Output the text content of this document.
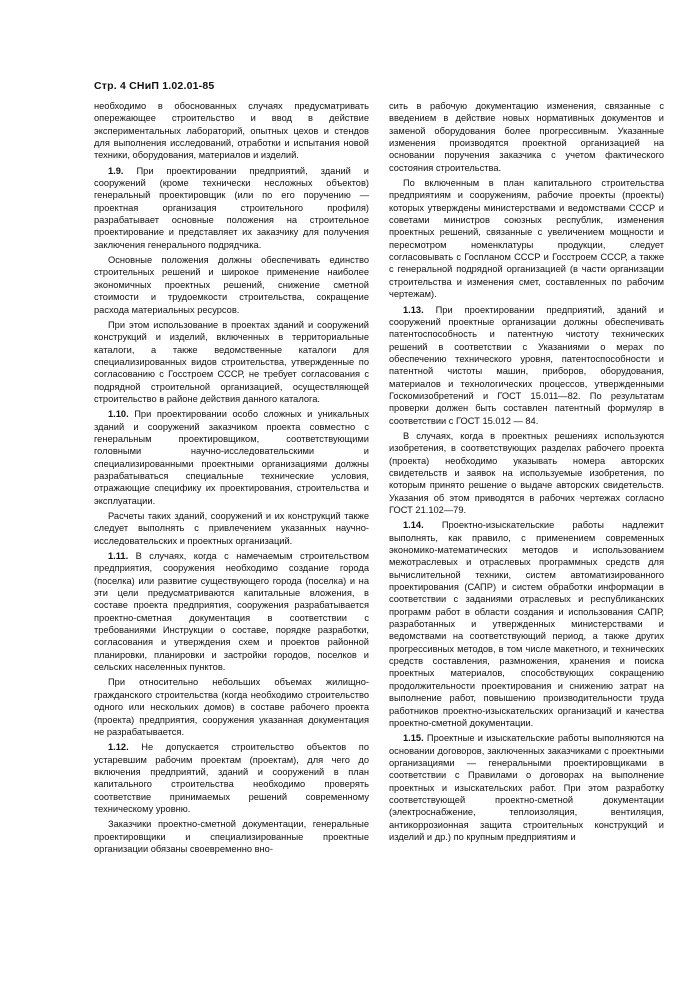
Стр. 4 СНиП 1.02.01-85

необходимо в обоснованных случаях предусматривать опережающее строительство и ввод в действие экспериментальных лабораторий, опытных цехов и стендов для выполнения исследований, отработки и испытания новой техники, оборудования, материалов и изделий.

1.9. При проектировании предприятий, зданий и сооружений (кроме технически несложных объектов) генеральный проектировщик (или по его поручению — проектная организация строительного профиля) разрабатывает основные положения на строительное проектирование и представляет их заказчику для получения заключения генерального подрядчика.

Основные положения должны обеспечивать единство строительных решений и широкое применение наиболее экономичных проектных решений, снижение сметной стоимости и трудоемкости строительства, сокращение расхода материальных ресурсов.

При этом использование в проектах зданий и сооружений конструкций и изделий, включенных в территориальные каталоги, а также ведомственные каталоги для специализированных видов строительства, утвержденные по согласованию с Госстроем СССР, не требует согласования с подрядной строительной организацией, осуществляющей строительство в районе действия данного каталога.

1.10. При проектировании особо сложных и уникальных зданий и сооружений заказчиком проекта совместно с генеральным проектировщиком, соответствующими головными научно-исследовательскими и специализированными проектными организациями должны разрабатываться специальные технические условия, отражающие специфику их проектирования, строительства и эксплуатации.

Расчеты таких зданий, сооружений и их конструкций также следует выполнять с привлечением указанных научно-исследовательских и проектных организаций.

1.11. В случаях, когда с намечаемым строительством предприятия, сооружения необходимо создание города (поселка) или развитие существующего города (поселка) и на эти цели предусматриваются капитальные вложения, в составе проекта предприятия, сооружения разрабатывается проектно-сметная документация в соответствии с требованиями Инструкции о составе, порядке разработки, согласования и утверждения схем и проектов районной планировки, планировки и застройки городов, поселков и сельских населенных пунктов.

При относительно небольших объемах жилищно-гражданского строительства (когда необходимо строительство одного или нескольких домов) в составе рабочего проекта (проекта) предприятия, сооружения указанная документация не разрабатывается.

1.12. Не допускается строительство объектов по устаревшим рабочим проектам (проектам), для чего до включения предприятий, зданий и сооружений в план капитального строительства необходимо проверять соответствие принимаемых решений современному техническому уровню.

Заказчики проектно-сметной документации, генеральные проектировщики и специализированные проектные организации обязаны своевременно вно-

сить в рабочую документацию изменения, связанные с введением в действие новых нормативных документов и заменой оборудования более прогрессивным. Указанные изменения производятся проектной организацией на основании поручения заказчика с учетом фактического состояния строительства.

По включенным в план капитального строительства предприятиям и сооружениям, рабочие проекты (проекты) которых утверждены министерствами и ведомствами СССР и советами министров союзных республик, изменения проектных решений, связанные с увеличением мощности и пересмотром номенклатуры продукции, следует согласовывать с Госпланом СССР и Госстроем СССР, а также с генеральной подрядной организацией (в части организации строительства и изменения смет, составленных по рабочим чертежам).

1.13. При проектировании предприятий, зданий и сооружений проектные организации должны обеспечивать патентоспособность и патентную чистоту технических решений в соответствии с Указаниями о мерах по обеспечению технического уровня, патентоспособности и патентной чистоты машин, приборов, оборудования, материалов и технологических процессов, утвержденными Госкомизобретений и ГОСТ 15.011—82. По результатам проверки должен быть составлен патентный формуляр в соответствии с ГОСТ 15.012 — 84.

В случаях, когда в проектных решениях используются изобретения, в соответствующих разделах рабочего проекта (проекта) необходимо указывать номера авторских свидетельств и заявок на используемые изобретения, по которым принято решение о выдаче авторских свидетельств. Указания об этом приводятся в рабочих чертежах согласно ГОСТ 21.102—79.

1.14. Проектно-изыскательские работы надлежит выполнять, как правило, с применением современных экономико-математических методов и использованием межотраслевых и отраслевых программных средств для вычислительной техники, систем автоматизированного проектирования (САПР) и систем обработки информации в соответствии с заданиями отраслевых и республиканских программ работ в области создания и использования САПР, разработанных и утвержденных министерствами и ведомствами на соответствующий период, а также других прогрессивных методов, в том числе макетного, и технических средств составления, размножения, хранения и поиска проектных материалов, способствующих сокращению продолжительности проектирования и снижению затрат на выполнение работ, повышению производительности труда работников проектно-изыскательских организаций и качества проектно-сметной документации.

1.15. Проектные и изыскательские работы выполняются на основании договоров, заключенных заказчиками с проектными организациями — генеральными проектировщиками в соответствии с Правилами о договорах на выполнение проектных и изыскательских работ. При этом разработку соответствующей проектно-сметной документации (электроснабжение, теплоизоляция, вентиляция, антикоррозионная защита строительных конструкций и изделий и др.) по крупным предприятиям и
